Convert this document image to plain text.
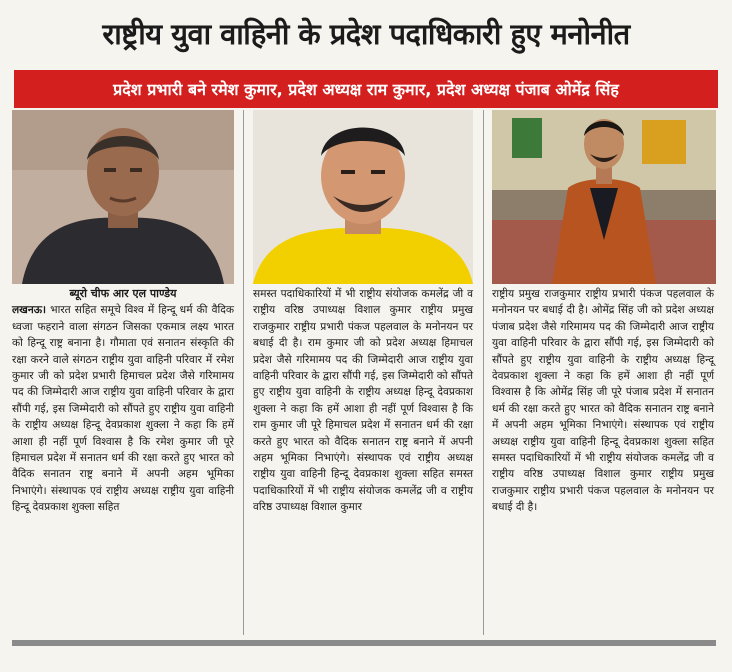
राष्ट्रीय युवा वाहिनी के प्रदेश पदाधिकारी हुए मनोनीत
प्रदेश प्रभारी बने रमेश कुमार, प्रदेश अध्यक्ष राम कुमार, प्रदेश अध्यक्ष पंजाब ओमेंद्र सिंह
ब्यूरो चीफ आर एल पाण्डेय
लखनऊ। भारत सहित समूचे विश्व में हिन्दू धर्म की वैदिक ध्वजा फहराने वाला संगठन जिसका एकमात्र लक्ष्य भारत को हिन्दू राष्ट्र बनाना है। गौमाता एवं सनातन संस्कृति की रक्षा करने वाले संगठन राष्ट्रीय युवा वाहिनी परिवार में रमेश कुमार जी को प्रदेश प्रभारी हिमाचल प्रदेश जैसे गरिमामय पद की जिम्मेदारी आज राष्ट्रीय युवा वाहिनी परिवार के द्वारा सौंपी गई, इस जिम्मेदारी को सौंपते हुए राष्ट्रीय युवा वाहिनी के राष्ट्रीय अध्यक्ष हिन्दू देवप्रकाश शुक्ला ने कहा कि हमें आशा ही नहीं पूर्ण विश्वास है कि रमेश कुमार जी पूरे हिमाचल प्रदेश में सनातन धर्म की रक्षा करते हुए भारत को वैदिक सनातन राष्ट्र बनाने में अपनी अहम भूमिका निभाएंगे। संस्थापक एवं राष्ट्रीय अध्यक्ष राष्ट्रीय युवा वाहिनी हिन्दू देवप्रकाश शुक्ला सहित
समस्त पदाधिकारियों में भी राष्ट्रीय संयोजक कमलेंद्र जी व राष्ट्रीय वरिष्ठ उपाध्यक्ष विशाल कुमार राष्ट्रीय प्रमुख राजकुमार राष्ट्रीय प्रभारी पंकज पहलवाल के मनोनयन पर बधाई दी है। राम कुमार जी को प्रदेश अध्यक्ष हिमाचल प्रदेश जैसे गरिमामय पद की जिम्मेदारी आज राष्ट्रीय युवा वाहिनी परिवार के द्वारा सौंपी गई, इस जिम्मेदारी को सौंपते हुए राष्ट्रीय युवा वाहिनी के राष्ट्रीय अध्यक्ष हिन्दू देवप्रकाश शुक्ला ने कहा कि हमें आशा ही नहीं पूर्ण विश्वास है कि राम कुमार जी पूरे हिमाचल प्रदेश में सनातन धर्म की रक्षा करते हुए भारत को वैदिक सनातन राष्ट्र बनाने में अपनी अहम भूमिका निभाएंगे। संस्थापक एवं राष्ट्रीय अध्यक्ष राष्ट्रीय युवा वाहिनी हिन्दू देवप्रकाश शुक्ला सहित समस्त पदाधिकारियों में भी राष्ट्रीय संयोजक कमलेंद्र जी व राष्ट्रीय वरिष्ठ उपाध्यक्ष विशाल कुमार
राष्ट्रीय प्रमुख राजकुमार राष्ट्रीय प्रभारी पंकज पहलवाल के मनोनयन पर बधाई दी है। ओमेंद्र सिंह जी को प्रदेश अध्यक्ष पंजाब प्रदेश जैसे गरिमामय पद की जिम्मेदारी आज राष्ट्रीय युवा वाहिनी परिवार के द्वारा सौंपी गई, इस जिम्मेदारी को सौंपते हुए राष्ट्रीय युवा वाहिनी के राष्ट्रीय अध्यक्ष हिन्दू देवप्रकाश शुक्ला ने कहा कि हमें आशा ही नहीं पूर्ण विश्वास है कि ओमेंद्र सिंह जी पूरे पंजाब प्रदेश में सनातन धर्म की रक्षा करते हुए भारत को वैदिक सनातन राष्ट्र बनाने में अपनी अहम भूमिका निभाएंगे। संस्थापक एवं राष्ट्रीय अध्यक्ष राष्ट्रीय युवा वाहिनी हिन्दू देवप्रकाश शुक्ला सहित समस्त पदाधिकारियों में भी राष्ट्रीय संयोजक कमलेंद्र जी व राष्ट्रीय वरिष्ठ उपाध्यक्ष विशाल कुमार राष्ट्रीय प्रमुख राजकुमार राष्ट्रीय प्रभारी पंकज पहलवाल के मनोनयन पर बधाई दी है।
